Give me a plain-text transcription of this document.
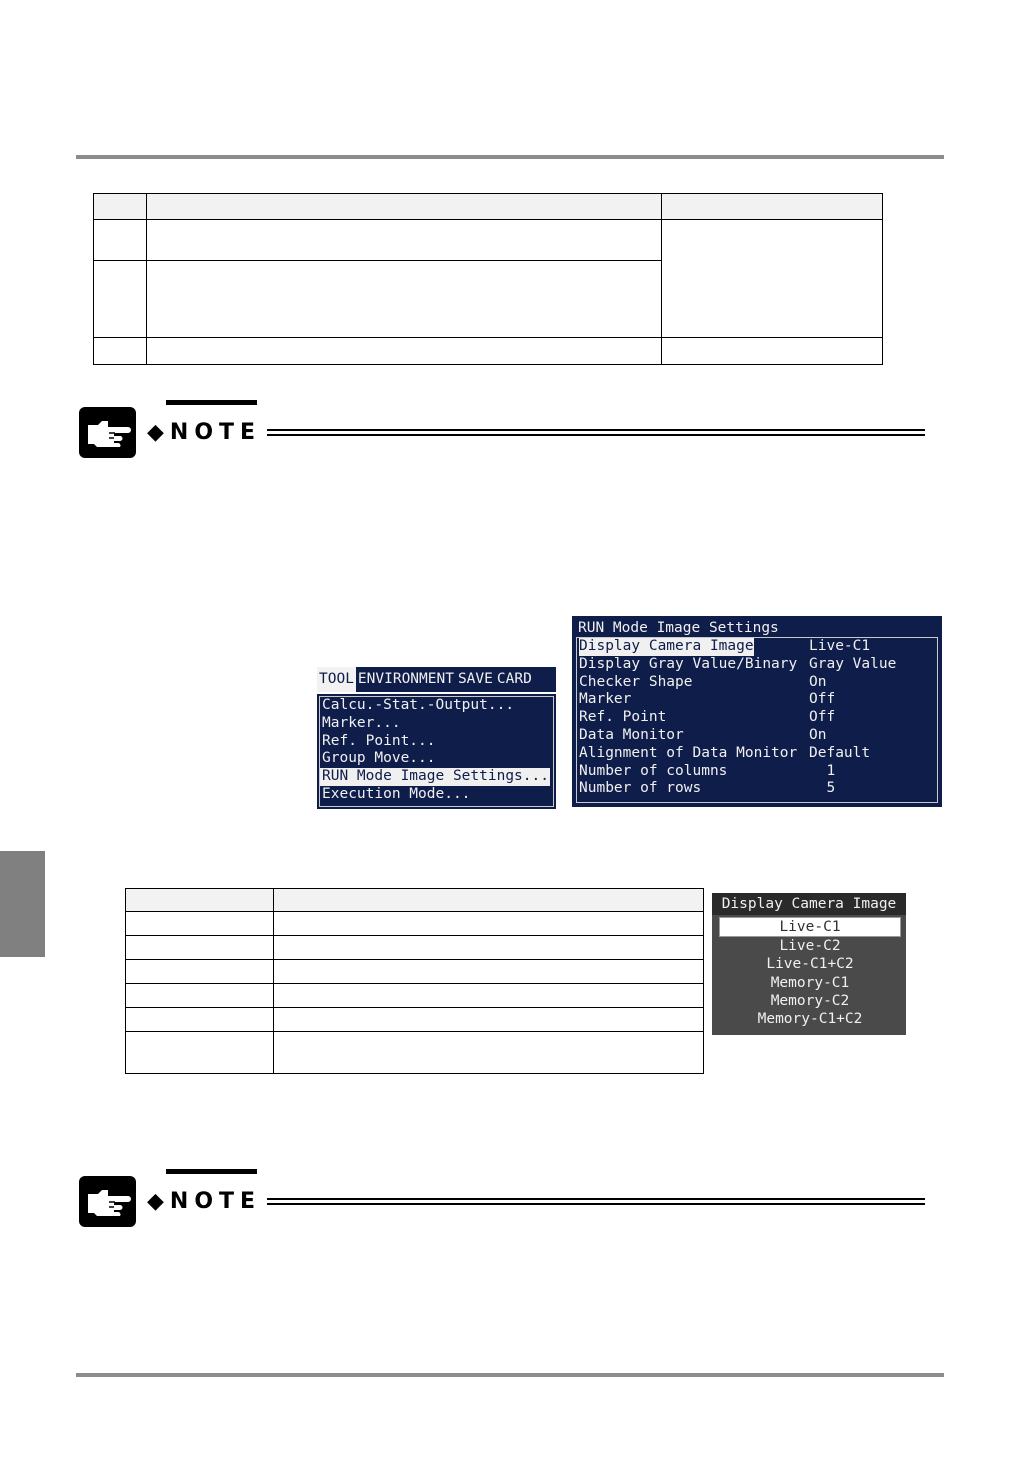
◆NOTE
TOOL ENVIRONMENT SAVE CARD
Calcu.-Stat.-Output...
Marker...
Ref. Point...
Group Move...
RUN Mode Image Settings...
Execution Mode...
RUN Mode Image Settings
Display Camera Image	Live-C1
Display Gray Value/Binary Gray Value
Checker Shape	On
Marker	Off
Ref. Point	Off
Data Monitor	On
Alignment of Data Monitor Default
Number of columns	1
Number of rows	5

Display Camera Image
Live-C1
Live-C2
Live-C1+C2
Memory-C1
Memory-C2
Memory-C1+C2
◆NOTE
